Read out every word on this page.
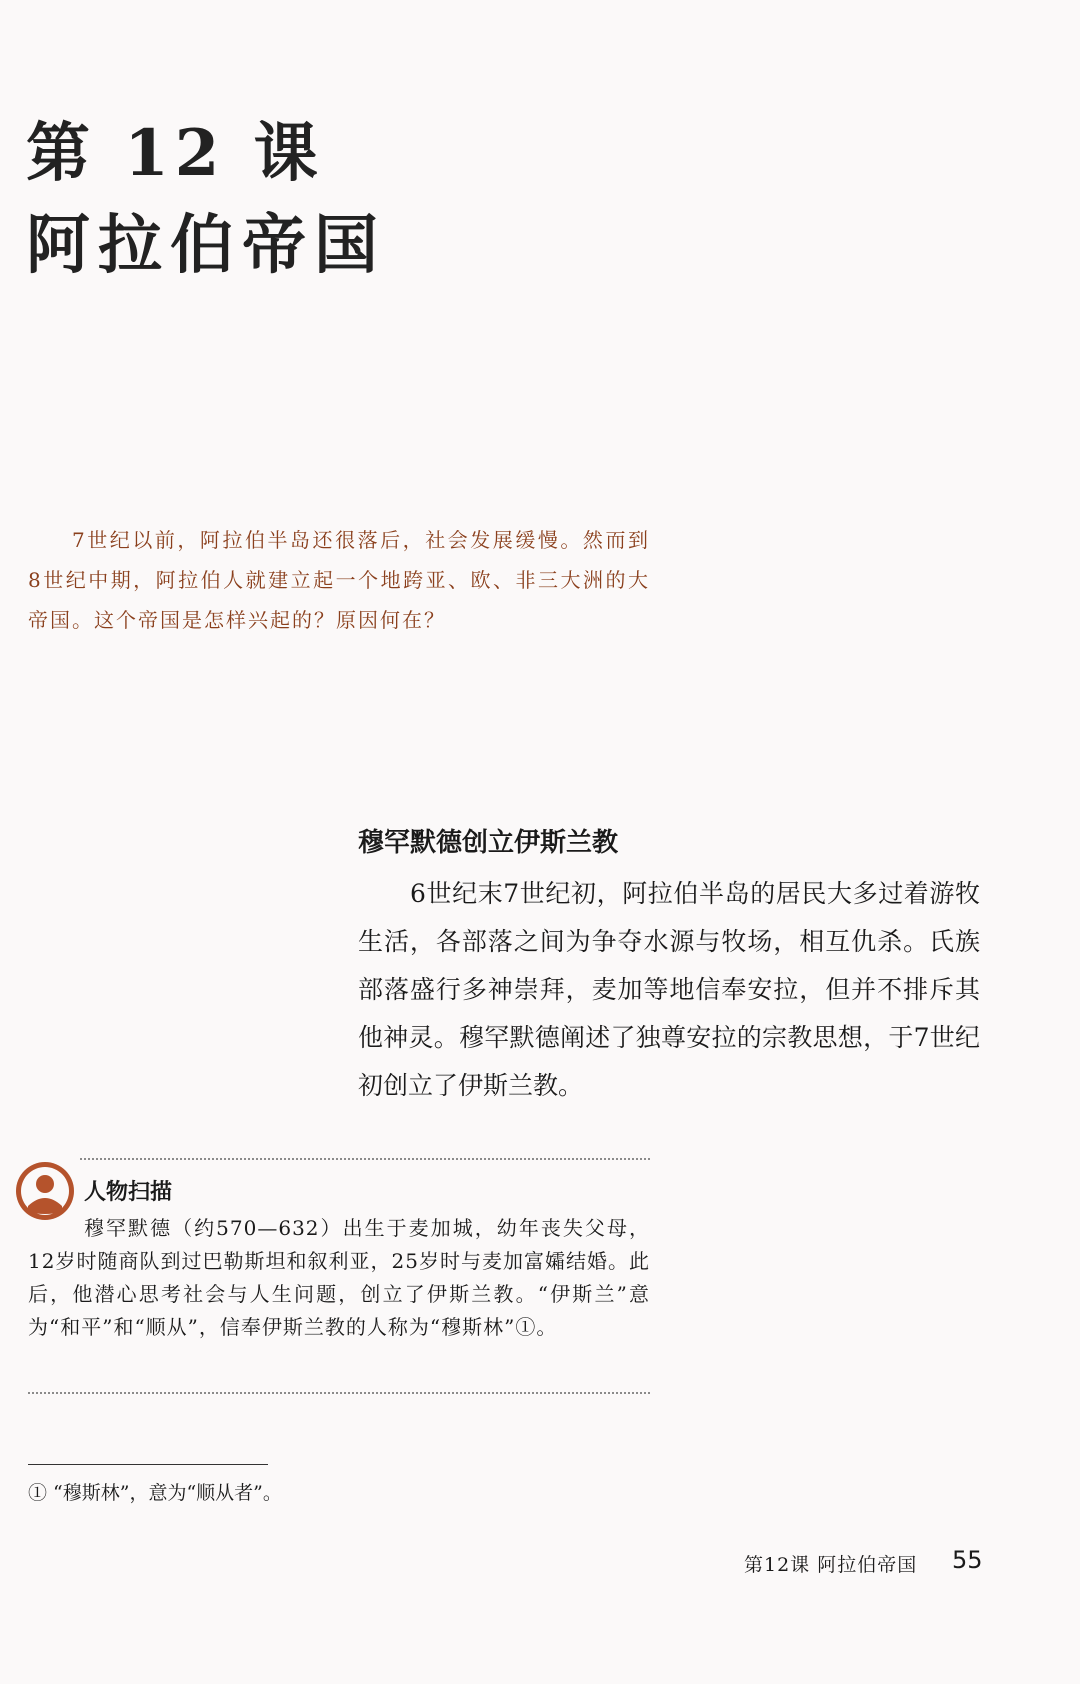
第 12 课
阿拉伯帝国

7世纪以前，阿拉伯半岛还很落后，社会发展缓慢。然而到8世纪中期，阿拉伯人就建立起一个地跨亚、欧、非三大洲的大帝国。这个帝国是怎样兴起的？原因何在？

穆罕默德创立伊斯兰教

6世纪末7世纪初，阿拉伯半岛的居民大多过着游牧生活，各部落之间为争夺水源与牧场，相互仇杀。氏族部落盛行多神崇拜，麦加等地信奉安拉，但并不排斥其他神灵。穆罕默德阐述了独尊安拉的宗教思想，于7世纪初创立了伊斯兰教。

人物扫描

穆罕默德（约570—632）出生于麦加城，幼年丧失父母，12岁时随商队到过巴勒斯坦和叙利亚，25岁时与麦加富孀结婚。此后，他潜心思考社会与人生问题，创立了伊斯兰教。“伊斯兰”意为“和平”和“顺从”，信奉伊斯兰教的人称为“穆斯林”①。

① “穆斯林”，意为“顺从者”。
第12课 阿拉伯帝国 55
